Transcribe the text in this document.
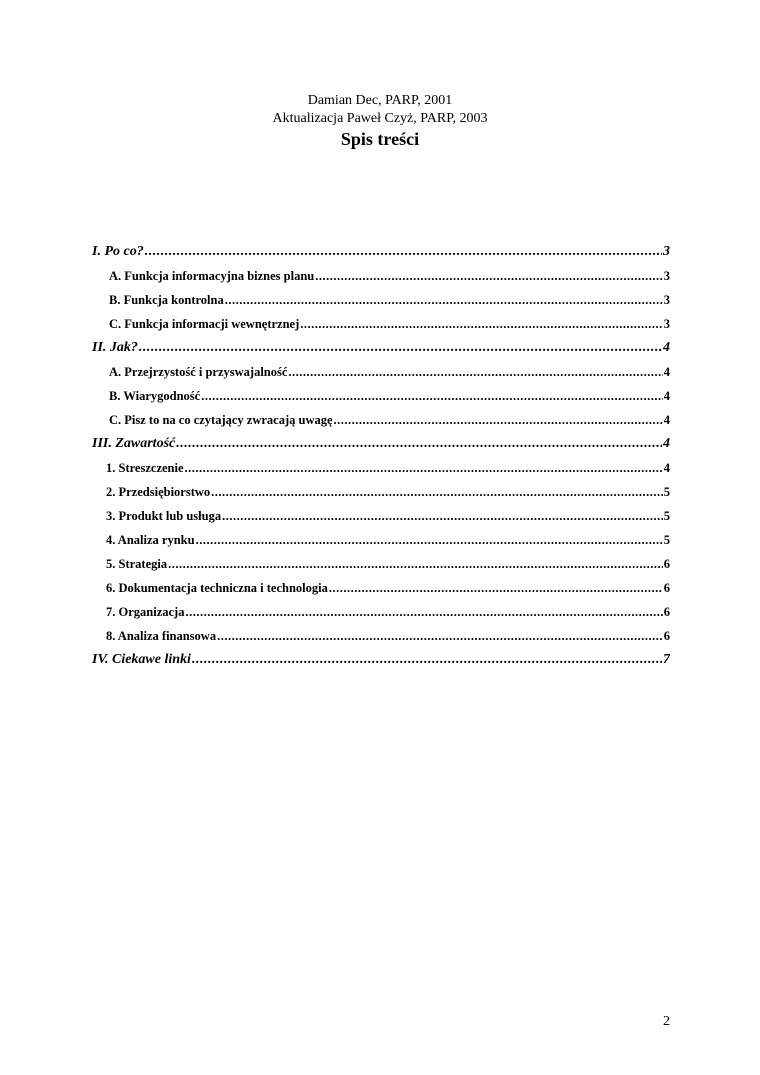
Damian Dec, PARP, 2001
Aktualizacja Paweł Czyż, PARP, 2003
Spis treści
I. Po co? .....	3
A. Funkcja informacyjna biznes planu .....	3
B. Funkcja kontrolna .....	3
C. Funkcja informacji wewnętrznej .....	3
II. Jak? .....	4
A. Przejrzystość i przyswajalność .....	4
B. Wiarygodność .....	4
C. Pisz to na co czytający zwracają uwagę .....	4
III. Zawartość .....	4
1. Streszczenie .....	4
2. Przedsiębiorstwo .....	5
3. Produkt lub usługa .....	5
4. Analiza rynku .....	5
5. Strategia .....	6
6. Dokumentacja techniczna i technologia .....	6
7. Organizacja .....	6
8. Analiza finansowa .....	6
IV. Ciekawe linki .....	7
2
